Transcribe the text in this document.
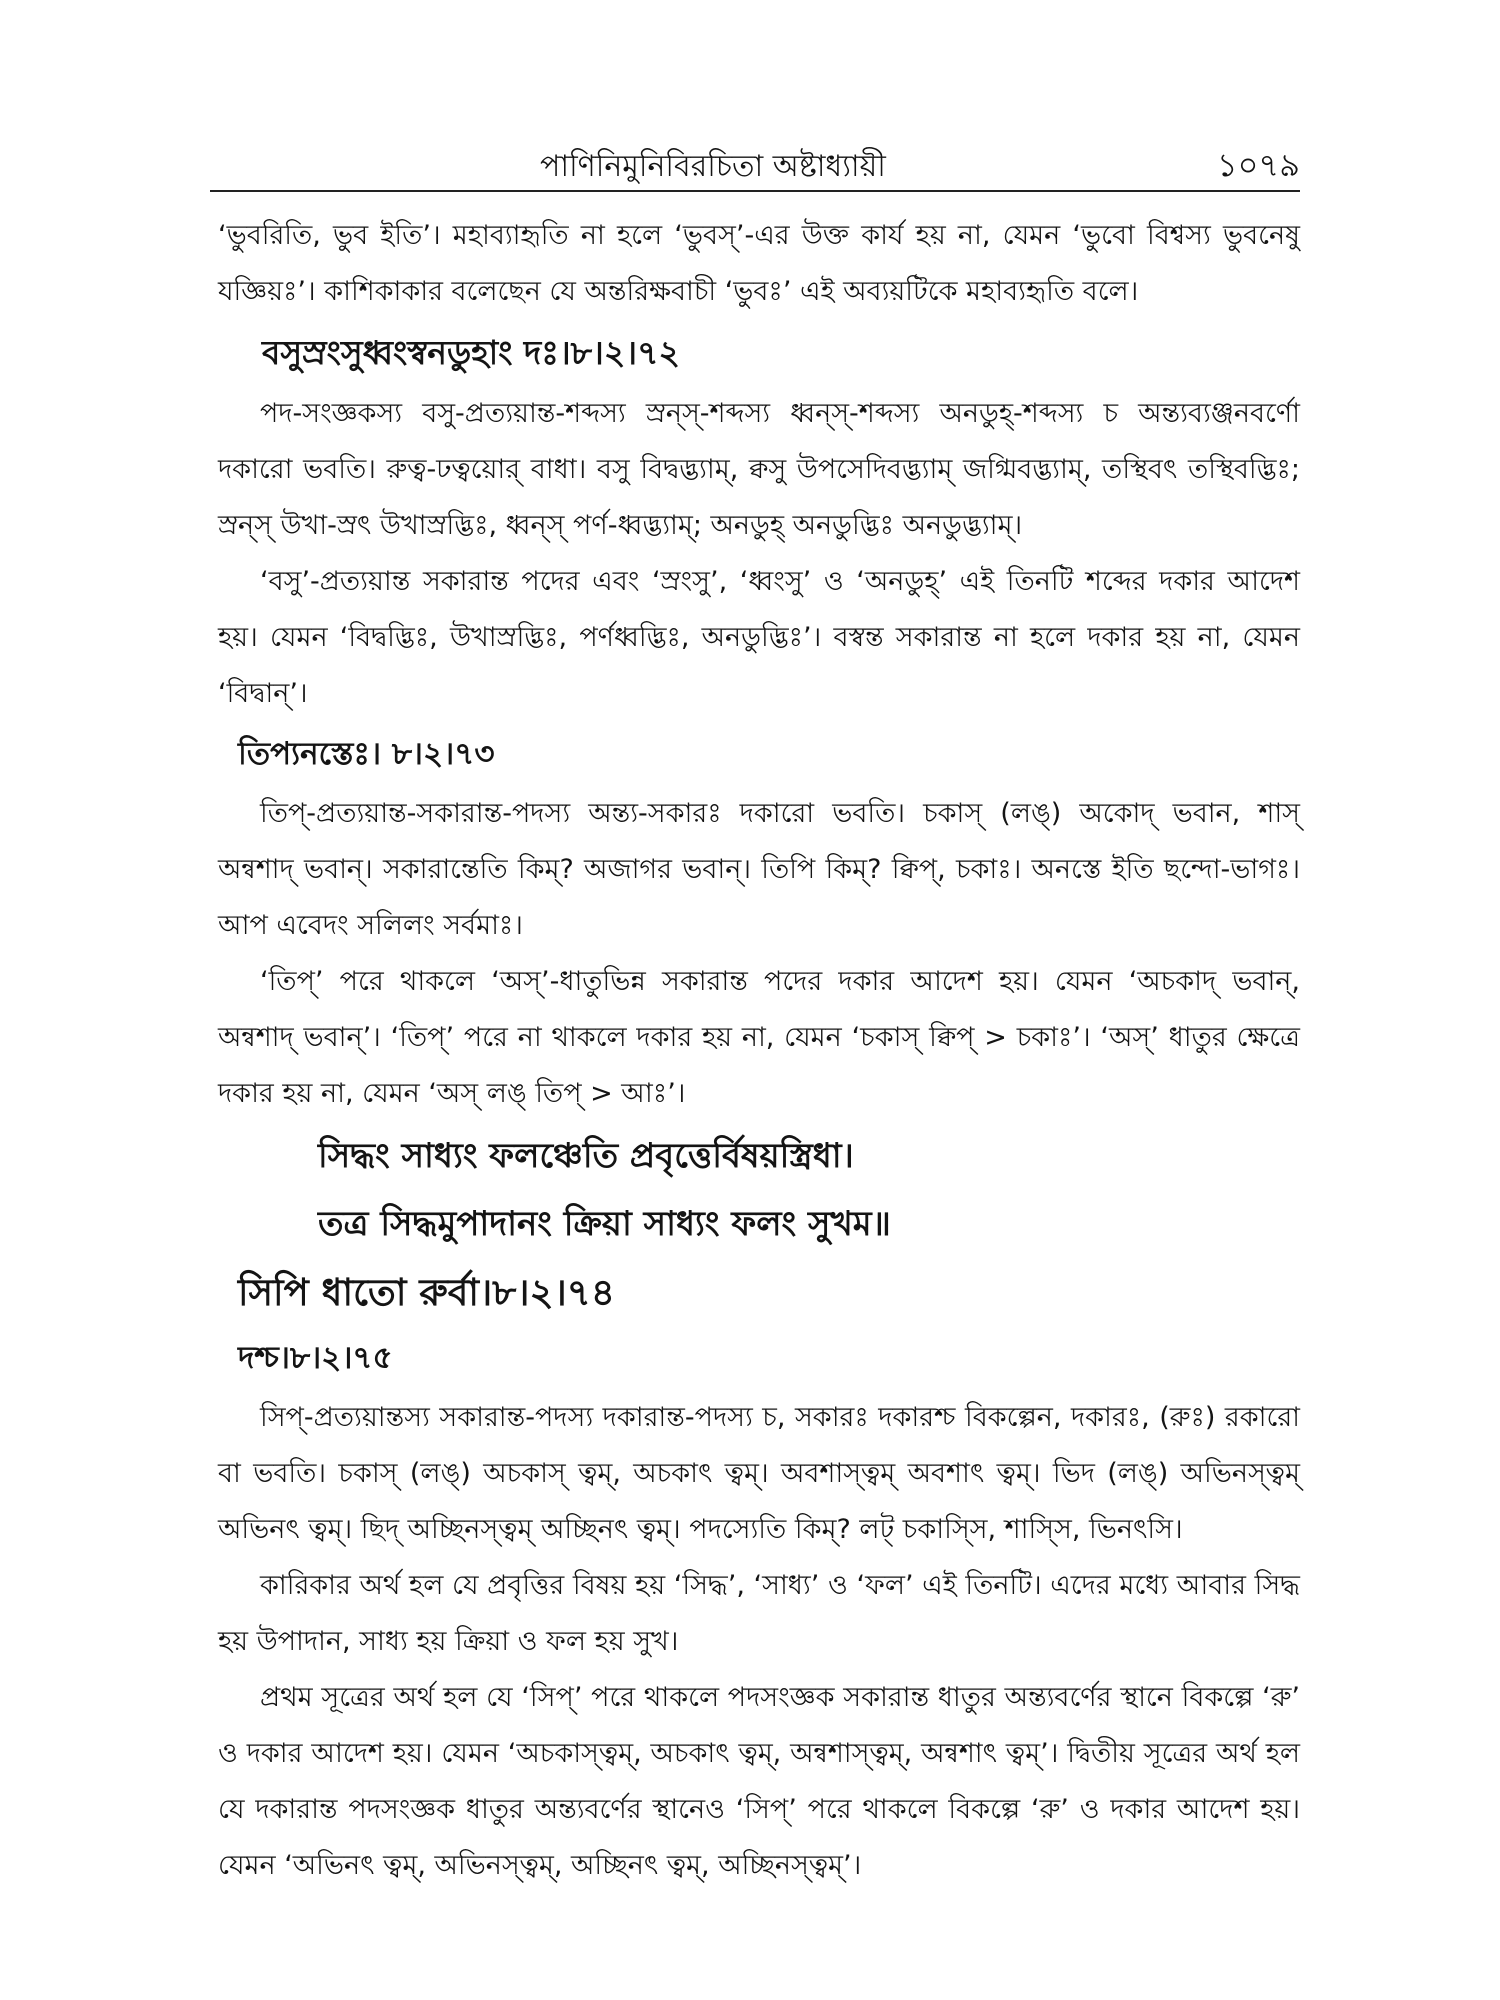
পাণিনিমুনিবিরচিতা অষ্টাধ্যায়ী	১০৭৯

‘ভুবরিতি, ভুব ইতি’। মহাব্যাহৃতি না হলে ‘ভুবস্’-এর উক্ত কার্য হয় না, যেমন ‘ভুবো বিশ্বস্য ভুবনেষু যজ্ঞিয়ঃ’। কাশিকাকার বলেছেন যে অন্তরিক্ষবাচী ‘ভুবঃ’ এই অব্যয়টিকে মহাব্যহৃতি বলে।

বসুস্রংসুধ্বংস্বনডুহাং দঃ।৮।২।৭২

পদ-সংজ্ঞকস্য বসু-প্রত্যয়ান্ত-শব্দস্য স্রন্স্-শব্দস্য ধ্বন্স্-শব্দস্য অনডুহ্-শব্দস্য চ অন্ত্যব্যঞ্জনবর্ণো দকারো ভবতি। রুত্ব-ঢত্বয়োর্ বাধা। বসু বিদ্বদ্ভ্যাম্, ক্বসু উপসেদিবদ্ভ্যাম্ জগ্মিবদ্ভ্যাম্, তস্থিবৎ তস্থিবদ্ভিঃ; স্রন্স্ উখা-স্রৎ উখাস্রদ্ভিঃ, ধ্বন্স্ পর্ণ-ধ্বদ্ভ্যাম্; অনডুহ্ অনডুদ্ভিঃ অনডুদ্ভ্যাম্।

‘বসু’-প্রত্যয়ান্ত সকারান্ত পদের এবং ‘স্রংসু’, ‘ধ্বংসু’ ও ‘অনডুহ্’ এই তিনটি শব্দের দকার আদেশ হয়। যেমন ‘বিদ্বদ্ভিঃ, উখাস্রদ্ভিঃ, পর্ণধ্বদ্ভিঃ, অনডুদ্ভিঃ’। বস্বন্ত সকারান্ত না হলে দকার হয় না, যেমন ‘বিদ্বান্’।

তিপ্যনস্তেঃ। ৮।২।৭৩

তিপ্-প্রত্যয়ান্ত-সকারান্ত-পদস্য অন্ত্য-সকারঃ দকারো ভবতি। চকাস্ (লঙ্) অকোদ্ ভবান, শাস্ অন্বশাদ্ ভবান্। সকারান্তেতি কিম্? অজাগর ভবান্। তিপি কিম্? ক্বিপ্, চকাঃ। অনস্তে ইতি ছন্দো-ভাগঃ। আপ এবেদং সলিলং সর্বমাঃ।

‘তিপ্’ পরে থাকলে ‘অস্’-ধাতুভিন্ন সকারান্ত পদের দকার আদেশ হয়। যেমন ‘অচকাদ্ ভবান্, অন্বশাদ্ ভবান্’। ‘তিপ্’ পরে না থাকলে দকার হয় না, যেমন ‘চকাস্ ক্বিপ্ > চকাঃ’। ‘অস্’ ধাতুর ক্ষেত্রে দকার হয় না, যেমন ‘অস্ লঙ্ তিপ্ > আঃ’।

সিদ্ধং সাধ্যং ফলঞ্চেতি প্রবৃত্তের্বিষয়স্ত্রিধা।
তত্র সিদ্ধমুপাদানং ক্রিয়া সাধ্যং ফলং সুখম॥
সিপি ধাতো রুর্বা।৮।২।৭৪
দশ্চ।৮।২।৭৫

সিপ্-প্রত্যয়ান্তস্য সকারান্ত-পদস্য দকারান্ত-পদস্য চ, সকারঃ দকারশ্চ বিকল্পেন, দকারঃ, (রুঃ) রকারো বা ভবতি। চকাস্ (লঙ্) অচকাস্ ত্বম্, অচকাৎ ত্বম্। অবশাস্ত্বম্ অবশাৎ ত্বম্। ভিদ (লঙ্) অভিনস্ত্বম্ অভিনৎ ত্বম্। ছিদ্ অচ্ছিনস্ত্বম্ অচ্ছিনৎ ত্বম্। পদস্যেতি কিম্? লট্ চকাস্সি, শাস্সি, ভিনৎসি।

কারিকার অর্থ হল যে প্রবৃত্তির বিষয় হয় ‘সিদ্ধ’, ‘সাধ্য’ ও ‘ফল’ এই তিনটি। এদের মধ্যে আবার সিদ্ধ হয় উপাদান, সাধ্য হয় ক্রিয়া ও ফল হয় সুখ।

প্রথম সূত্রের অর্থ হল যে ‘সিপ্’ পরে থাকলে পদসংজ্ঞক সকারান্ত ধাতুর অন্ত্যবর্ণের স্থানে বিকল্পে ‘রু’ ও দকার আদেশ হয়। যেমন ‘অচকাস্ত্বম্, অচকাৎ ত্বম্, অন্বশাস্ত্বম্, অন্বশাৎ ত্বম্’। দ্বিতীয় সূত্রের অর্থ হল যে দকারান্ত পদসংজ্ঞক ধাতুর অন্ত্যবর্ণের স্থানেও ‘সিপ্’ পরে থাকলে বিকল্পে ‘রু’ ও দকার আদেশ হয়। যেমন ‘অভিনৎ ত্বম্, অভিনস্ত্বম্, অচ্ছিনৎ ত্বম্, অচ্ছিনস্ত্বম্’।
